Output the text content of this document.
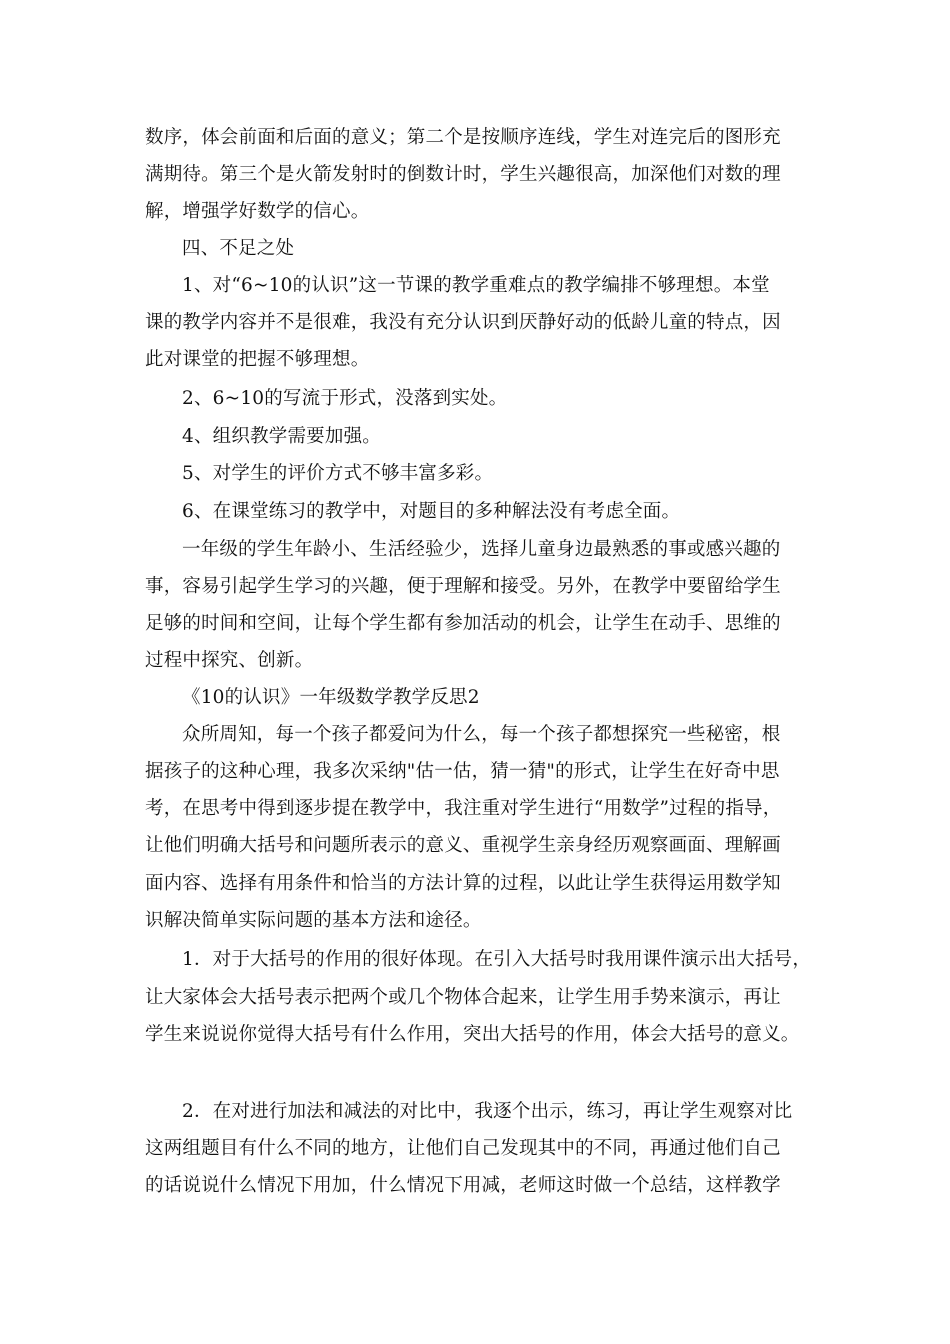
数序，体会前面和后面的意义；第二个是按顺序连线，学生对连完后的图形充
满期待。第三个是火箭发射时的倒数计时，学生兴趣很高，加深他们对数的理
解，增强学好数学的信心。
四、不足之处
1、对“6~10的认识”这一节课的教学重难点的教学编排不够理想。本堂
课的教学内容并不是很难，我没有充分认识到厌静好动的低龄儿童的特点，因
此对课堂的把握不够理想。
2、6~10的写流于形式，没落到实处。
4、组织教学需要加强。
5、对学生的评价方式不够丰富多彩。
6、在课堂练习的教学中，对题目的多种解法没有考虑全面。
一年级的学生年龄小、生活经验少，选择儿童身边最熟悉的事或感兴趣的
事，容易引起学生学习的兴趣，便于理解和接受。另外，在教学中要留给学生
足够的时间和空间，让每个学生都有参加活动的机会，让学生在动手、思维的
过程中探究、创新。
《10的认识》一年级数学教学反思2
众所周知，每一个孩子都爱问为什么，每一个孩子都想探究一些秘密，根
据孩子的这种心理，我多次采纳"估一估，猜一猜"的形式，让学生在好奇中思
考，在思考中得到逐步提在教学中，我注重对学生进行“用数学”过程的指导，
让他们明确大括号和问题所表示的意义、重视学生亲身经历观察画面、理解画
面内容、选择有用条件和恰当的方法计算的过程，以此让学生获得运用数学知
识解决简单实际问题的基本方法和途径。
1．对于大括号的作用的很好体现。在引入大括号时我用课件演示出大括号，
让大家体会大括号表示把两个或几个物体合起来，让学生用手势来演示，再让
学生来说说你觉得大括号有什么作用，突出大括号的作用，体会大括号的意义。
2．在对进行加法和减法的对比中，我逐个出示，练习，再让学生观察对比
这两组题目有什么不同的地方，让他们自己发现其中的不同，再通过他们自己
的话说说什么情况下用加，什么情况下用减，老师这时做一个总结，这样教学
